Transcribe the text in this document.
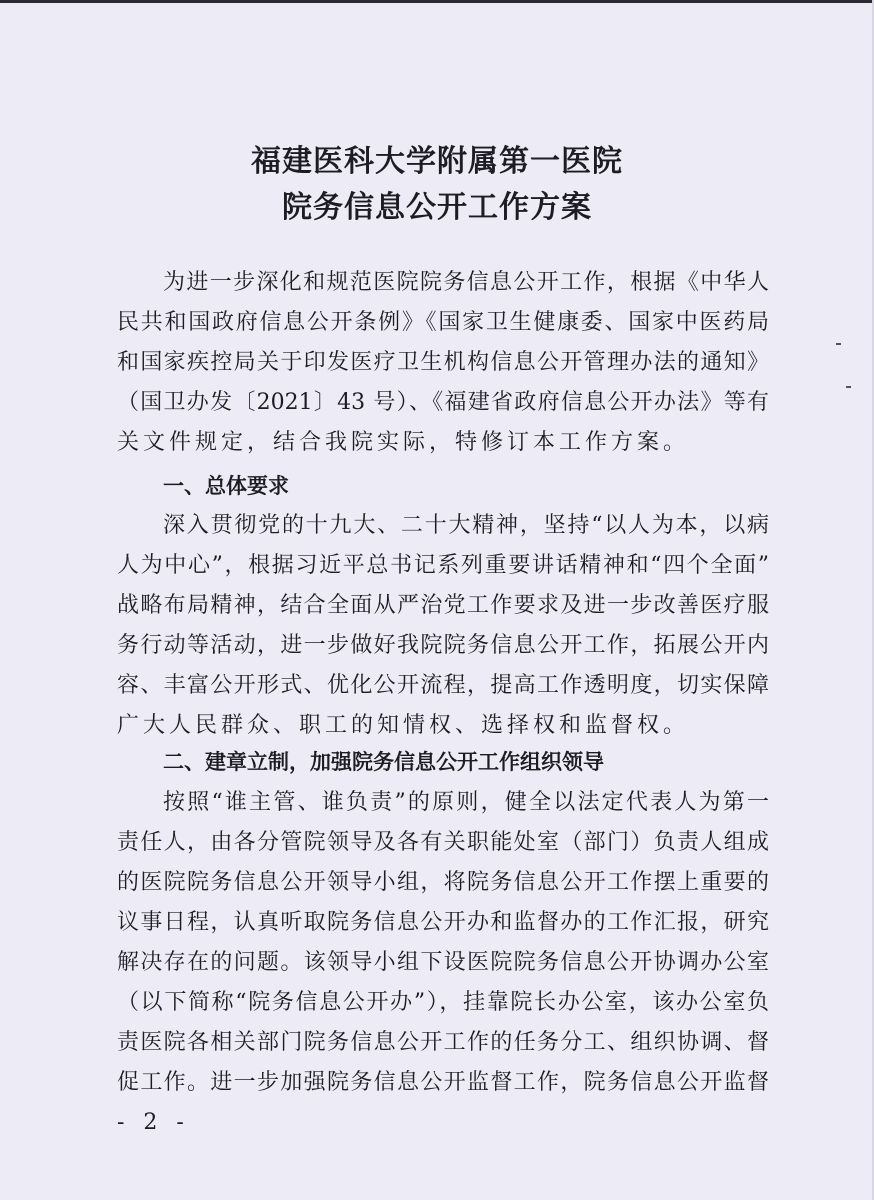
福建医科大学附属第一医院
院务信息公开工作方案
为进一步深化和规范医院院务信息公开工作，根据《中华人
民共和国政府信息公开条例》《国家卫生健康委、国家中医药局
和国家疾控局关于印发医疗卫生机构信息公开管理办法的通知》
（国卫办发〔2021〕43 号）、《福建省政府信息公开办法》等有
关文件规定，结合我院实际，特修订本工作方案。
一、总体要求
深入贯彻党的十九大、二十大精神，坚持“以人为本，以病
人为中心”，根据习近平总书记系列重要讲话精神和“四个全面”
战略布局精神，结合全面从严治党工作要求及进一步改善医疗服
务行动等活动，进一步做好我院院务信息公开工作，拓展公开内
容、丰富公开形式、优化公开流程，提高工作透明度，切实保障
广大人民群众、职工的知情权、选择权和监督权。
二、建章立制，加强院务信息公开工作组织领导
按照“谁主管、谁负责”的原则，健全以法定代表人为第一
责任人，由各分管院领导及各有关职能处室（部门）负责人组成
的医院院务信息公开领导小组，将院务信息公开工作摆上重要的
议事日程，认真听取院务信息公开办和监督办的工作汇报，研究
解决存在的问题。该领导小组下设医院院务信息公开协调办公室
（以下简称“院务信息公开办”），挂靠院长办公室，该办公室负
责医院各相关部门院务信息公开工作的任务分工、组织协调、督
促工作。进一步加强院务信息公开监督工作，院务信息公开监督
- 2 -
